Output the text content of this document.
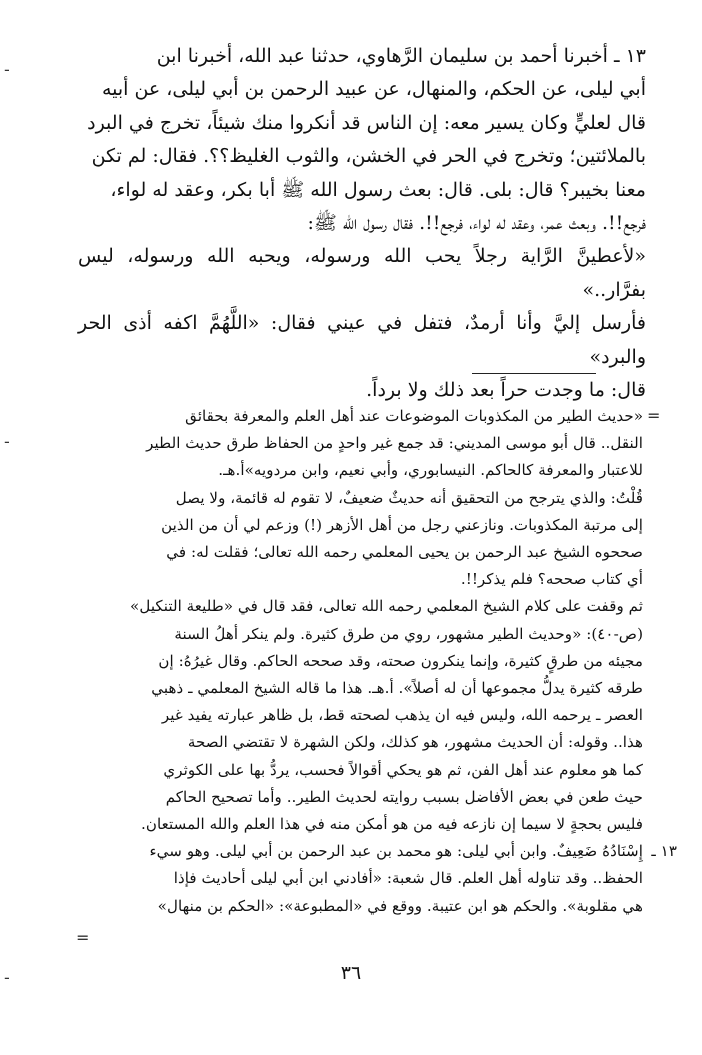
١٣ ـ أخبرنا أحمد بن سليمان الرَّهاوي، حدثنا عبد الله، أخبرنا ابن

أبي ليلى، عن الحكم، والمنهال، عن عبيد الرحمن بن أبي ليلى، عن أبيه

قال لعليٍّ وكان يسير معه: إن الناس قد أنكروا منك شيئاً، تخرج في البرد

بالملائتين؛ وتخرج في الحر في الخشن، والثوب الغليظ؟؟. فقال: لم تكن

معنا بخيبر؟ قال: بلى. قال: بعث رسول الله ﷺ أبا بكر، وعقد له لواء،

فرجع!!. وبعث عمر، وعقد له لواء، فرجع!!. فقال رسول الله ﷺ:

«لأعطينَّ الرَّاية رجلاً يحب الله ورسوله، ويحبه الله ورسوله، ليس بفرَّار..»

فأرسل إليَّ وأنا أرمدٌ، فتفل في عيني فقال: «اللَّهُمَّ اكفه أذى الحر والبرد»

قال: ما وجدت حراً بعد ذلك ولا برداً.

«حديث الطير من المكذوبات الموضوعات عند أهل العلم والمعرفة بحقائق

النقل.. قال أبو موسى المديني: قد جمع غير واحدٍ من الحفاظ طرق حديث الطير

للاعتبار والمعرفة كالحاكم. النيسابوري، وأبي نعيم، وابن مردويه»أ.هـ.

قُلْتُ: والذي يترجح من التحقيق أنه حديثٌ ضعيفٌ، لا تقوم له قائمة، ولا يصل

إلى مرتبة المكذوبات. ونازعني رجل من أهل الأزهر (!) وزعم لي أن من الذين

صححوه الشيخ عبد الرحمن بن يحيى المعلمي رحمه الله تعالى؛ فقلت له: في

أي كتاب صححه؟ فلم يذكر!!.

ثم وقفت على كلام الشيخ المعلمي رحمه الله تعالى، فقد قال في «طليعة التنكيل»

(ص-٤٠): «وحديث الطير مشهور، روي من طرق كثيرة. ولم ينكر أهلُ السنة

مجيئه من طرقٍ كثيرة، وإنما ينكرون صحته، وقد صححه الحاكم. وقال غيرُهُ: إن

طرقه كثيرة يدلُّ مجموعها أن له أصلاً». أ.هـ. هذا ما قاله الشيخ المعلمي ـ ذهبي

العصر ـ يرحمه الله، وليس فيه ان يذهب لصحته قط، بل ظاهر عبارته يفيد غير

هذا.. وقوله: أن الحديث مشهور، هو كذلك، ولكن الشهرة لا تقتضي الصحة

كما هو معلوم عند أهل الفن، ثم هو يحكي أقوالاً فحسب، يردُّ بها على الكوثري

حيث طعن في بعض الأفاضل بسبب روايته لحديث الطير.. وأما تصحيح الحاكم

فليس بحجةٍ لا سيما إن نازعه فيه من هو أمكن منه في هذا العلم والله المستعان.

١٣ ـ

إِسْنَادُهُ ضَعِيفٌ. وابن أبي ليلى: هو محمد بن عبد الرحمن بن أبي ليلى. وهو سيء

الحفظ.. وقد تناوله أهل العلم. قال شعبة: «أفادني ابن أبي ليلى أحاديث فإذا

هي مقلوبة». والحكم هو ابن عتيبة. ووقع في «المطبوعة»: «الحكم بن منهال»

٣٦
-
-
-
=
=
